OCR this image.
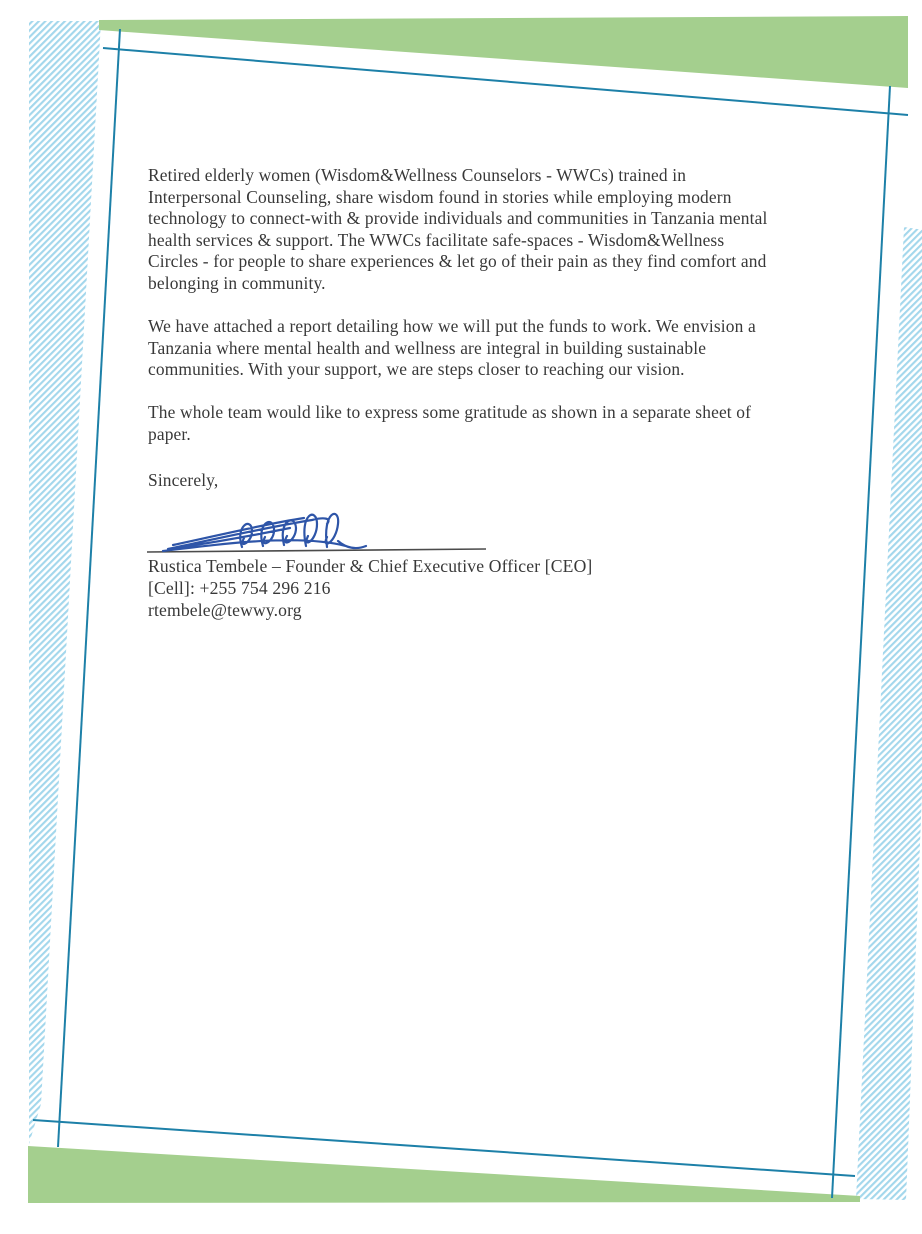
Retired elderly women (Wisdom&Wellness Counselors - WWCs) trained in
Interpersonal Counseling, share wisdom found in stories while employing modern
technology to connect-with & provide individuals and communities in Tanzania mental
health services & support. The WWCs facilitate safe-spaces - Wisdom&Wellness
Circles - for people to share experiences & let go of their pain as they find comfort and
belonging in community.
We have attached a report detailing how we will put the funds to work. We envision a
Tanzania where mental health and wellness are integral in building sustainable
communities. With your support, we are steps closer to reaching our vision.
The whole team would like to express some gratitude as shown in a separate sheet of
paper.
Sincerely,
Rustica Tembele – Founder & Chief Executive Officer [CEO]
[Cell]: +255 754 296 216
rtembele@tewwy.org
